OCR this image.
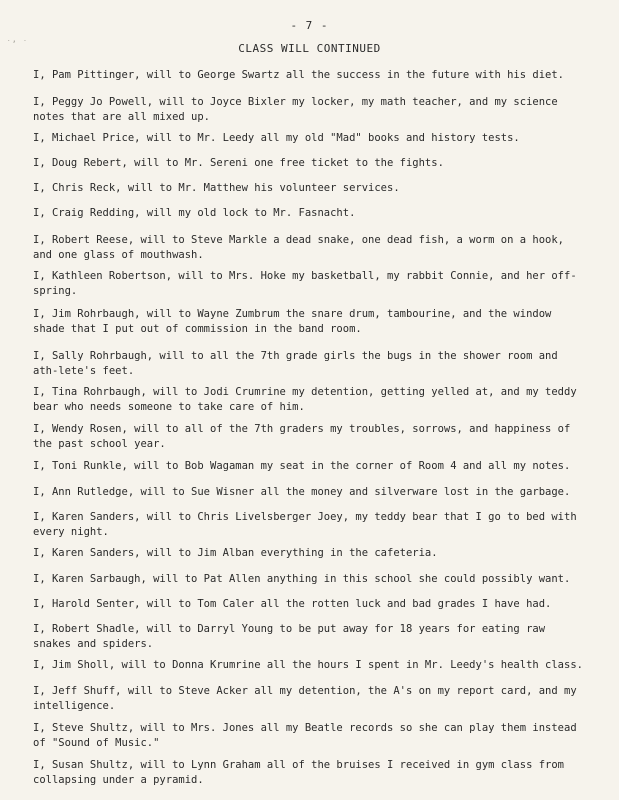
˙ʼ ˙
- 7 -
CLASS WILL CONTINUED
I, Pam Pittinger, will to George Swartz all the success in the future with his diet.
I, Peggy Jo Powell, will to Joyce Bixler my locker, my math teacher, and my science notes that are all mixed up.
I, Michael Price, will to Mr. Leedy all my old "Mad" books and history tests.
I, Doug Rebert, will to Mr. Sereni one free ticket to the fights.
I, Chris Reck, will to Mr. Matthew his volunteer services.
I, Craig Redding, will my old lock to Mr. Fasnacht.
I, Robert Reese, will to Steve Markle a dead snake, one dead fish, a worm on a hook, and one glass of mouthwash.
I, Kathleen Robertson, will to Mrs. Hoke my basketball, my rabbit Connie, and her off-spring.
I, Jim Rohrbaugh, will to Wayne Zumbrum the snare drum, tambourine, and the window shade that I put out of commission in the band room.
I, Sally Rohrbaugh, will to all the 7th grade girls the bugs in the shower room and ath-lete's feet.
I, Tina Rohrbaugh, will to Jodi Crumrine my detention, getting yelled at, and my teddy bear who needs someone to take care of him.
I, Wendy Rosen, will to all of the 7th graders my troubles, sorrows, and happiness of the past school year.
I, Toni Runkle, will to Bob Wagaman my seat in the corner of Room 4 and all my notes.
I, Ann Rutledge, will to Sue Wisner all the money and silverware lost in the garbage.
I, Karen Sanders, will to Chris Livelsberger Joey, my teddy bear that I go to bed with every night.
I, Karen Sanders, will to Jim Alban everything in the cafeteria.
I, Karen Sarbaugh, will to Pat Allen anything in this school she could possibly want.
I, Harold Senter, will to Tom Caler all the rotten luck and bad grades I have had.
I, Robert Shadle, will to Darryl Young to be put away for 18 years for eating raw snakes and spiders.
I, Jim Sholl, will to Donna Krumrine all the hours I spent in Mr. Leedy's health class.
I, Jeff Shuff, will to Steve Acker all my detention, the A's on my report card, and my intelligence.
I, Steve Shultz, will to Mrs. Jones all my Beatle records so she can play them instead of "Sound of Music."
I, Susan Shultz, will to Lynn Graham all of the bruises I received in gym class from collapsing under a pyramid.
